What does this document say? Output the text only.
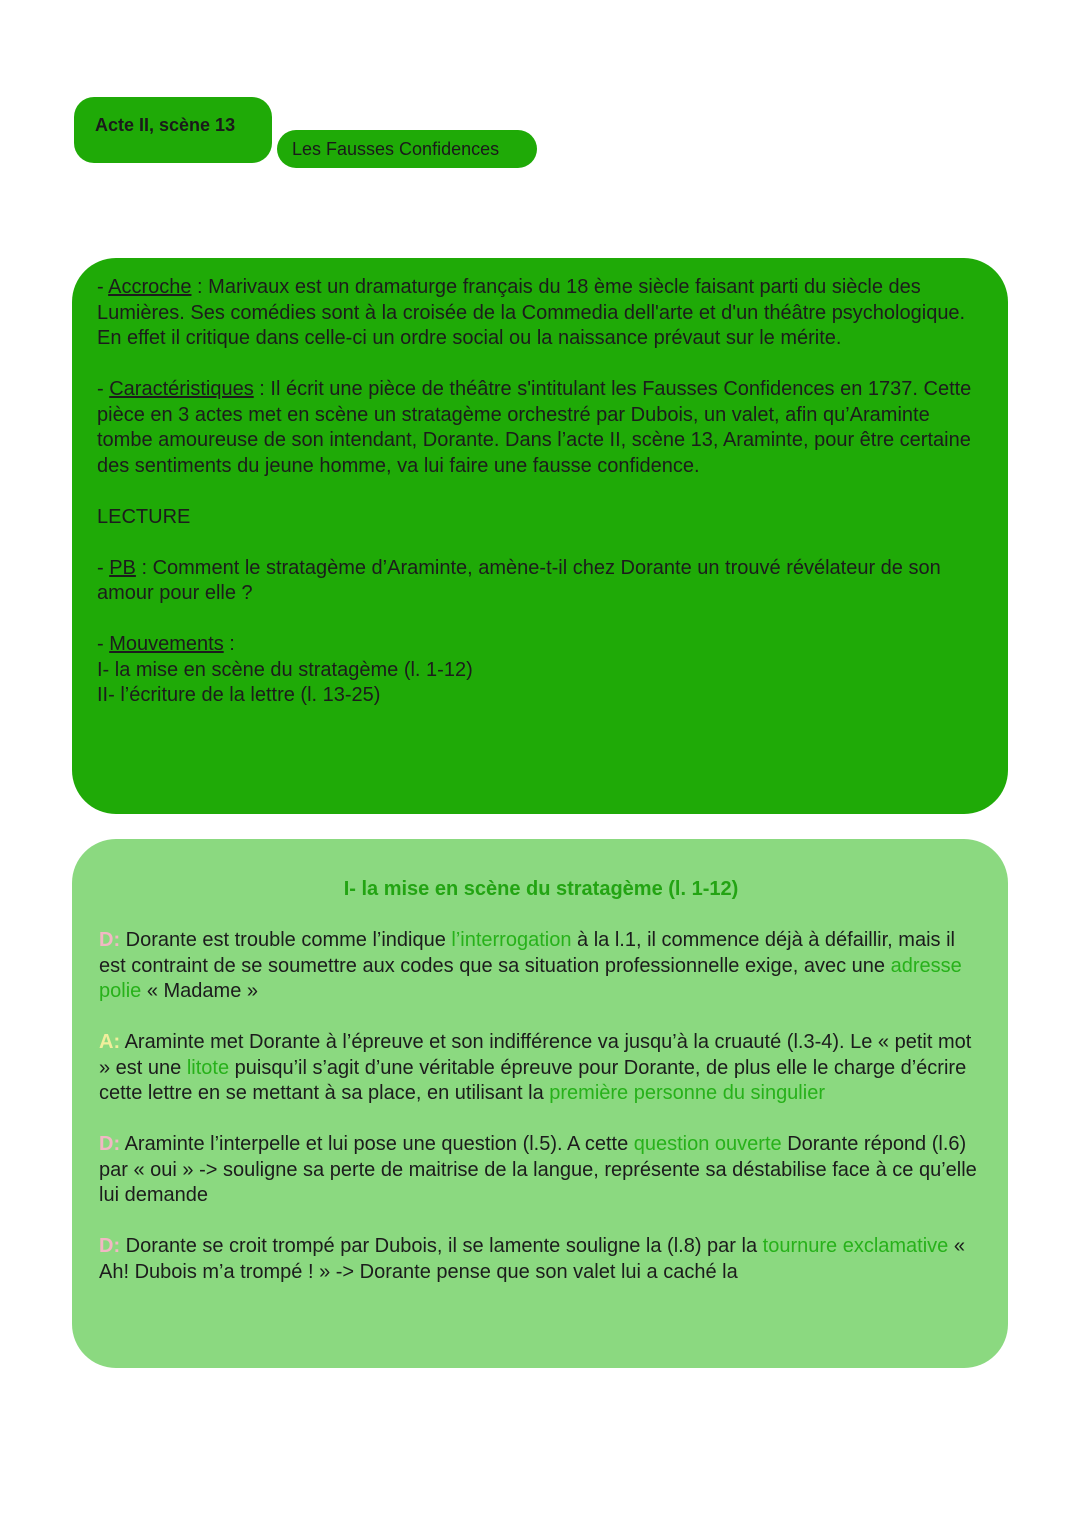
Acte II, scène 13
Les Fausses Confidences

- Accroche : Marivaux est un dramaturge français du 18 ème siècle faisant parti du siècle des Lumières. Ses comédies sont à la croisée de la Commedia dell'arte et d'un théâtre psychologique. En effet il critique dans celle-ci un ordre social ou la naissance prévaut sur le mérite.

- Caractéristiques : Il écrit une pièce de théâtre s'intitulant les Fausses Confidences en 1737. Cette pièce en 3 actes met en scène un stratagème orchestré par Dubois, un valet, afin qu’Araminte tombe amoureuse de son intendant, Dorante. Dans l’acte II, scène 13, Araminte, pour être certaine des sentiments du jeune homme, va lui faire une fausse confidence.

LECTURE

- PB : Comment le stratagème d’Araminte, amène-t-il chez Dorante un trouvé révélateur de son amour pour elle ?

- Mouvements :

I- la mise en scène du stratagème (l. 1-12)

II- l’écriture de la lettre (l. 13-25)

I- la mise en scène du stratagème (l. 1-12)

D: Dorante est trouble comme l’indique l’interrogation à la l.1, il commence déjà à défaillir, mais il est contraint de se soumettre aux codes que sa situation professionnelle exige, avec une adresse polie « Madame »

A: Araminte met Dorante à l’épreuve et son indifférence va jusqu’à la cruauté (l.3-4). Le « petit mot » est une litote puisqu’il s’agit d’une véritable épreuve pour Dorante, de plus elle le charge d’écrire cette lettre en se mettant à sa place, en utilisant la première personne du singulier

D: Araminte l’interpelle et lui pose une question (l.5). A cette question ouverte Dorante répond (l.6) par « oui » -> souligne sa perte de maitrise de la langue, représente sa déstabilise face à ce qu’elle lui demande

D: Dorante se croit trompé par Dubois, il se lamente souligne la (l.8) par la tournure exclamative « Ah! Dubois m’a trompé ! » -> Dorante pense que son valet lui a caché la
